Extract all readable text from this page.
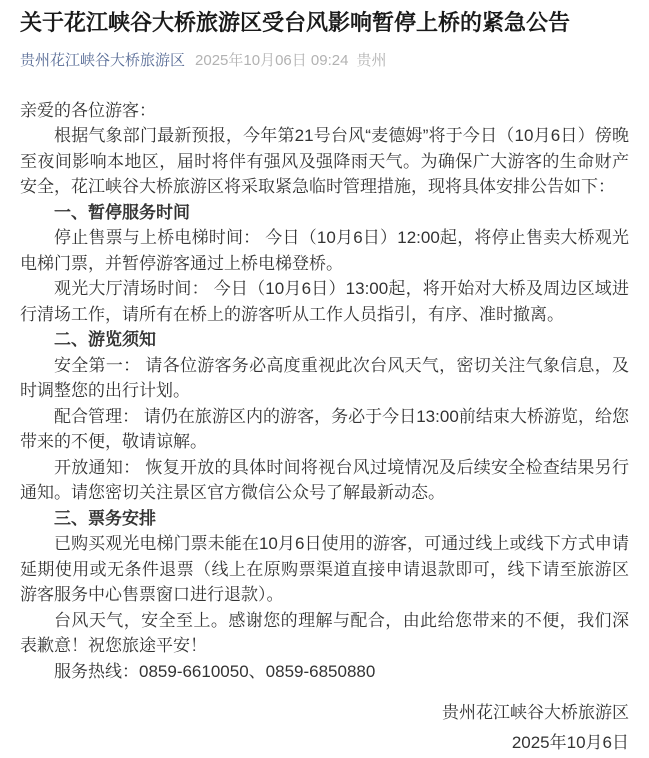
关于花江峡谷大桥旅游区受台风影响暂停上桥的紧急公告
贵州花江峡谷大桥旅游区 2025年10月06日 09:24 贵州

亲爱的各位游客：

根据气象部门最新预报，今年第21号台风“麦德姆”将于今日（10月6日）傍晚至夜间影响本地区，届时将伴有强风及强降雨天气。为确保广大游客的生命财产安全，花江峡谷大桥旅游区将采取紧急临时管理措施，现将具体安排公告如下：

一、暂停服务时间

停止售票与上桥电梯时间： 今日（10月6日）12:00起，将停止售卖大桥观光电梯门票，并暂停游客通过上桥电梯登桥。

观光大厅清场时间： 今日（10月6日）13:00起，将开始对大桥及周边区域进行清场工作，请所有在桥上的游客听从工作人员指引，有序、准时撤离。

二、游览须知

安全第一： 请各位游客务必高度重视此次台风天气，密切关注气象信息，及时调整您的出行计划。

配合管理： 请仍在旅游区内的游客，务必于今日13:00前结束大桥游览，给您带来的不便，敬请谅解。

开放通知： 恢复开放的具体时间将视台风过境情况及后续安全检查结果另行通知。请您密切关注景区官方微信公众号了解最新动态。

三、票务安排

已购买观光电梯门票未能在10月6日使用的游客，可通过线上或线下方式申请延期使用或无条件退票（线上在原购票渠道直接申请退款即可，线下请至旅游区游客服务中心售票窗口进行退款）。

台风天气，安全至上。感谢您的理解与配合，由此给您带来的不便，我们深表歉意！祝您旅途平安！

服务热线：0859-6610050、0859-6850880

贵州花江峡谷大桥旅游区
2025年10月6日
